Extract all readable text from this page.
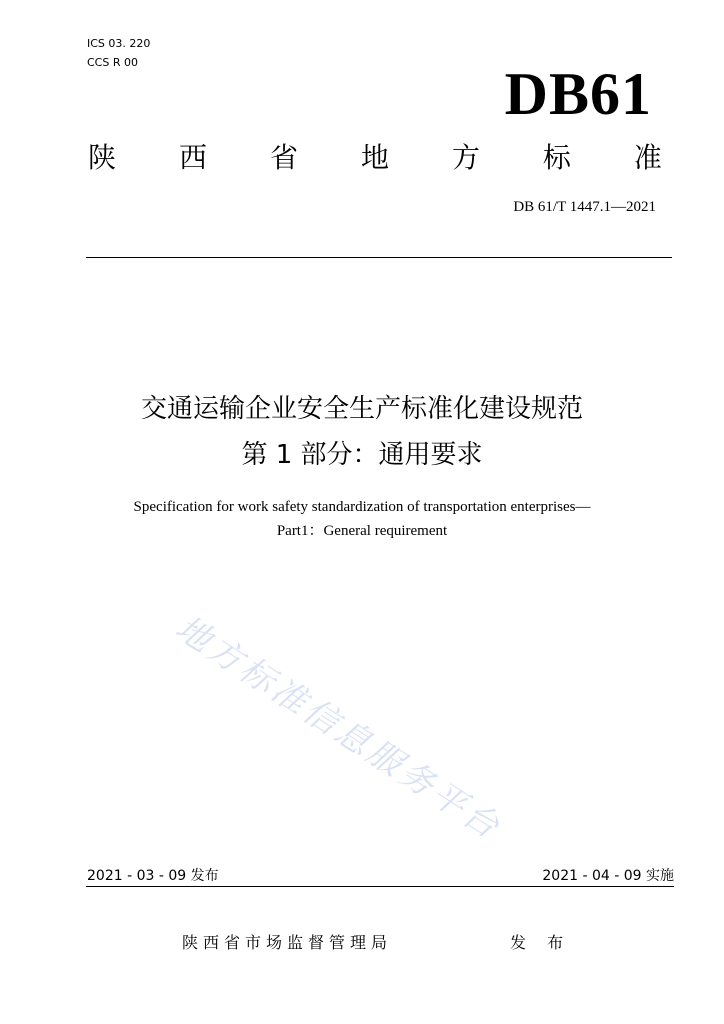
ICS 03. 220
CCS R 00	DB61
陕 西 省 地 方 标 准
DB 61/T 1447.1—2021
交通运输企业安全生产标准化建设规范
第 1 部分：通用要求
Specification for work safety standardization of transportation enterprises—
Part1：General requirement
地方标准信息服务平台
2021 - 03 - 09 发布	2021 - 04 - 09 实施
陕西省市场监督管理局	发 布
